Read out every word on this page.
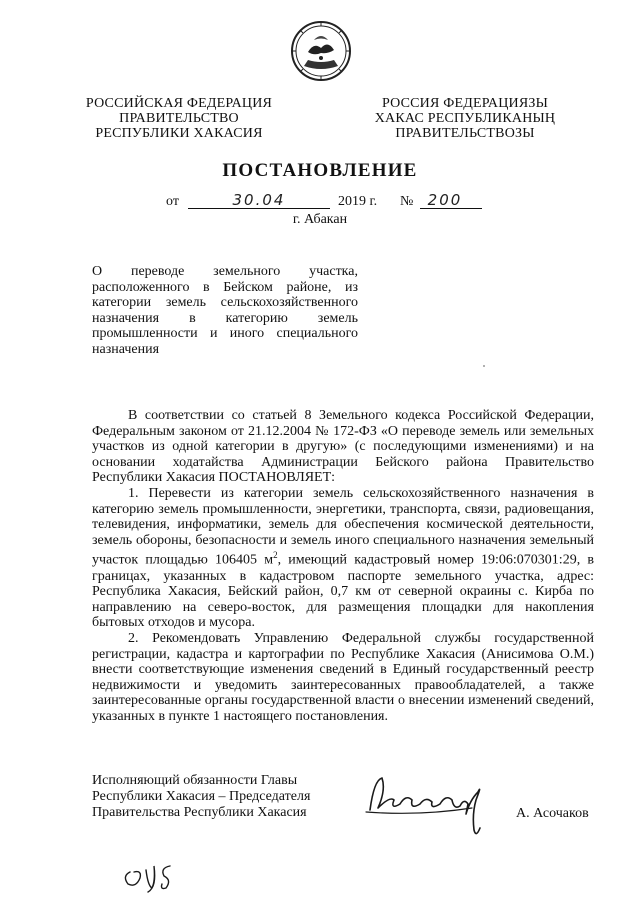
РОССИЙСКАЯ ФЕДЕРАЦИЯ
ПРАВИТЕЛЬСТВО
РЕСПУБЛИКИ ХАКАСИЯ
РОССИЯ ФЕДЕРАЦИЯЗЫ
ХАКАС РЕСПУБЛИКАНЫҢ
ПРАВИТЕЛЬСТВОЗЫ
ПОСТАНОВЛЕНИЕ
от	30.04	2019 г. № 200
г. Абакан
О переводе земельного участка, расположенного в Бейском районе, из категории земель сельскохозяйственного назначения в категорию земель промышленности и иного специального назначения

В соответствии со статьей 8 Земельного кодекса Российской Федерации, Федеральным законом от 21.12.2004 № 172-ФЗ «О переводе земель или земельных участков из одной категории в другую» (с последующими изменениями) и на основании ходатайства Администрации Бейского района Правительство Республики Хакасия ПОСТАНОВЛЯЕТ:

1. Перевести из категории земель сельскохозяйственного назначения в категорию земель промышленности, энергетики, транспорта, связи, радиовещания, телевидения, информатики, земель для обеспечения космической деятельности, земель обороны, безопасности и земель иного специального назначения земельный участок площадью 106405 $м^2$, имеющий кадастровый номер 19:06:070301:29, в границах, указанных в кадастровом паспорте земельного участка, адрес: Республика Хакасия, Бейский район, 0,7 км от северной окраины с. Кирба по направлению на северо-восток, для размещения площадки для накопления бытовых отходов и мусора.

2. Рекомендовать Управлению Федеральной службы государственной регистрации, кадастра и картографии по Республике Хакасия (Анисимова О.М.) внести соответствующие изменения сведений в Единый государственный реестр недвижимости и уведомить заинтересованных правообладателей, а также заинтересованные органы государственной власти о внесении изменений сведений, указанных в пункте 1 настоящего постановления.

Исполняющий обязанности Главы
Республики Хакасия – Председателя
Правительства Республики Хакасия	А. Асочаков
